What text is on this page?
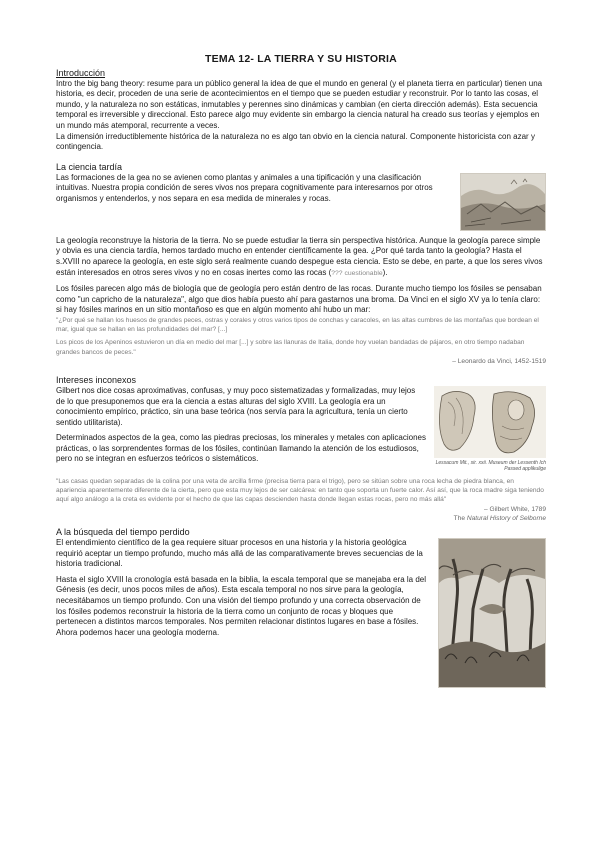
TEMA 12- LA TIERRA Y SU HISTORIA

Introducción

Intro the big bang theory: resume para un público general la idea de que el mundo en general (y el planeta tierra en particular) tienen una historia, es decir, proceden de una serie de acontecimientos en el tiempo que se pueden estudiar y reconstruir. Por lo tanto las cosas, el mundo, y la naturaleza no son estáticas, inmutables y perennes sino dinámicas y cambian (en cierta dirección además). Esta secuencia temporal es irreversible y direccional. Esto parece algo muy evidente sin embargo la ciencia natural ha creado sus teorías y ejemplos en un mundo más atemporal, recurrente a veces.

La dimensión irreductiblemente histórica de la naturaleza no es algo tan obvio en la ciencia natural. Componente historicista con azar y contingencia.

La ciencia tardía

Las formaciones de la gea no se avienen como plantas y animales a una tipificación y una clasificación intuitivas. Nuestra propia condición de seres vivos nos prepara cognitivamente para interesarnos por otros organismos y entenderlos, y nos separa en esa medida de minerales y rocas.

La geología reconstruye la historia de la tierra. No se puede estudiar la tierra sin perspectiva histórica. Aunque la geología parece simple y obvia es una ciencia tardía, hemos tardado mucho en entender científicamente la gea. ¿Por qué tarda tanto la geología? Hasta el s.XVIII no aparece la geología, en este siglo será realmente cuando despegue esta ciencia. Esto se debe, en parte, a que los seres vivos están interesados en otros seres vivos y no en cosas inertes como las rocas (??? cuestionable).

Los fósiles parecen algo más de biología que de geología pero están dentro de las rocas. Durante mucho tiempo los fósiles se pensaban como "un capricho de la naturaleza", algo que dios había puesto ahí para gastarnos una broma. Da Vinci en el siglo XV ya lo tenía claro: si hay fósiles marinos en un sitio montañoso es que en algún momento ahí hubo un mar:

"¿Por qué se hallan los huesos de grandes peces, ostras y corales y otros varios tipos de conchas y caracoles, en las altas cumbres de las montañas que bordean el mar, igual que se hallan en las profundidades del mar? [...]

Los picos de los Apeninos estuvieron un día en medio del mar [...] y sobre las llanuras de Italia, donde hoy vuelan bandadas de pájaros, en otro tiempo nadaban grandes bancos de peces."

– Leonardo da Vinci, 1452-1519

Intereses inconexos

Gilbert nos dice cosas aproximativas, confusas, y muy poco sistematizadas y formalizadas, muy lejos de lo que presuponemos que era la ciencia a estas alturas del siglo XVIII. La geología era un conocimiento empírico, práctico, sin una base teórica (nos servía para la agricultura, tenía un cierto sentido utilitarista).

Determinados aspectos de la gea, como las piedras preciosas, los minerales y metales con aplicaciones prácticas, o las sorprendentes formas de los fósiles, continúan llamando la atención de los estudiosos, pero no se integran en esfuerzos teóricos o sistemáticos.	Lessacum Mit., sir. xxii. Museum der Lessenth Ich Passed applikulige

"Las casas quedan separadas de la colina por una veta de arcilla firme (precisa tierra para el trigo), pero se sitúan sobre una roca lecha de piedra blanca, en apariencia aparentemente diferente de la cierta, pero que esta muy lejos de ser calcárea: en tanto que soporta un fuerte calor. Así así, que la roca madre siga teniendo aquí algo análogo a la creta es evidente por el hecho de que las capas descienden hasta donde llegan estas rocas, pero no más allá"

– Gilbert White, 1789

The Natural History of Selborne

A la búsqueda del tiempo perdido

El entendimiento científico de la gea requiere situar procesos en una historia y la historia geológica requirió aceptar un tiempo profundo, mucho más allá de las comparativamente breves secuencias de la historia tradicional.

Hasta el siglo XVIII la cronología está basada en la biblia, la escala temporal que se manejaba era la del Génesis (es decir, unos pocos miles de años). Esta escala temporal no nos sirve para la geología, necesitábamos un tiempo profundo. Con una visión del tiempo profundo y una correcta observación de los fósiles podemos reconstruir la historia de la tierra como un conjunto de rocas y bloques que pertenecen a distintos marcos temporales. Nos permiten relacionar distintos lugares en base a fósiles. Ahora podemos hacer una geología moderna.
